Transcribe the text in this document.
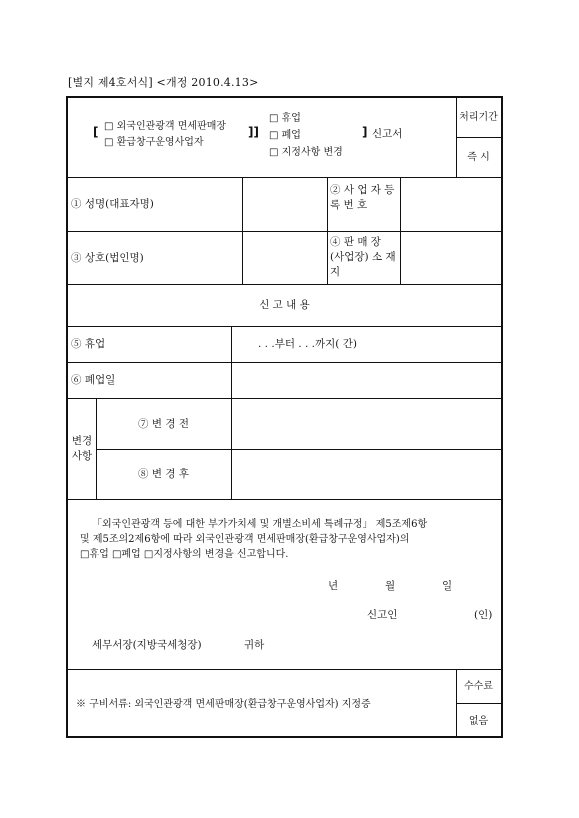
[별지 제4호서식] <개정 2010.4.13>
[ □ 외국인관광객 면세판매장
□ 환급창구운영사업자
]]
□ 휴업
□ 폐업
□ 지정사항 변경
] 신고서
처리기간
즉 시
① 성명(대표자명)
② 사 업 자 등 록 번 호
③ 상호(법인명)
④ 판 매 장 (사업장) 소 재 지
신 고 내 용
⑤ 휴업	. . .부터 . . .까지( 간)
⑥ 폐업일
변경 사항
⑦ 변 경 전
⑧ 변 경 후
「외국인관광객 등에 대한 부가가치세 및 개별소비세 특례규정」 제5조제6항
및 제5조의2제6항에 따라 외국인관광객 면세판매장(환급창구운영사업자)의
□휴업 □폐업 □지정사항의 변경을 신고합니다.
년	월	일
신고인	(인)
세무서장(지방국세청장)	귀하
※ 구비서류: 외국인관광객 면세판매장(환급창구운영사업자) 지정증
수수료
없음
